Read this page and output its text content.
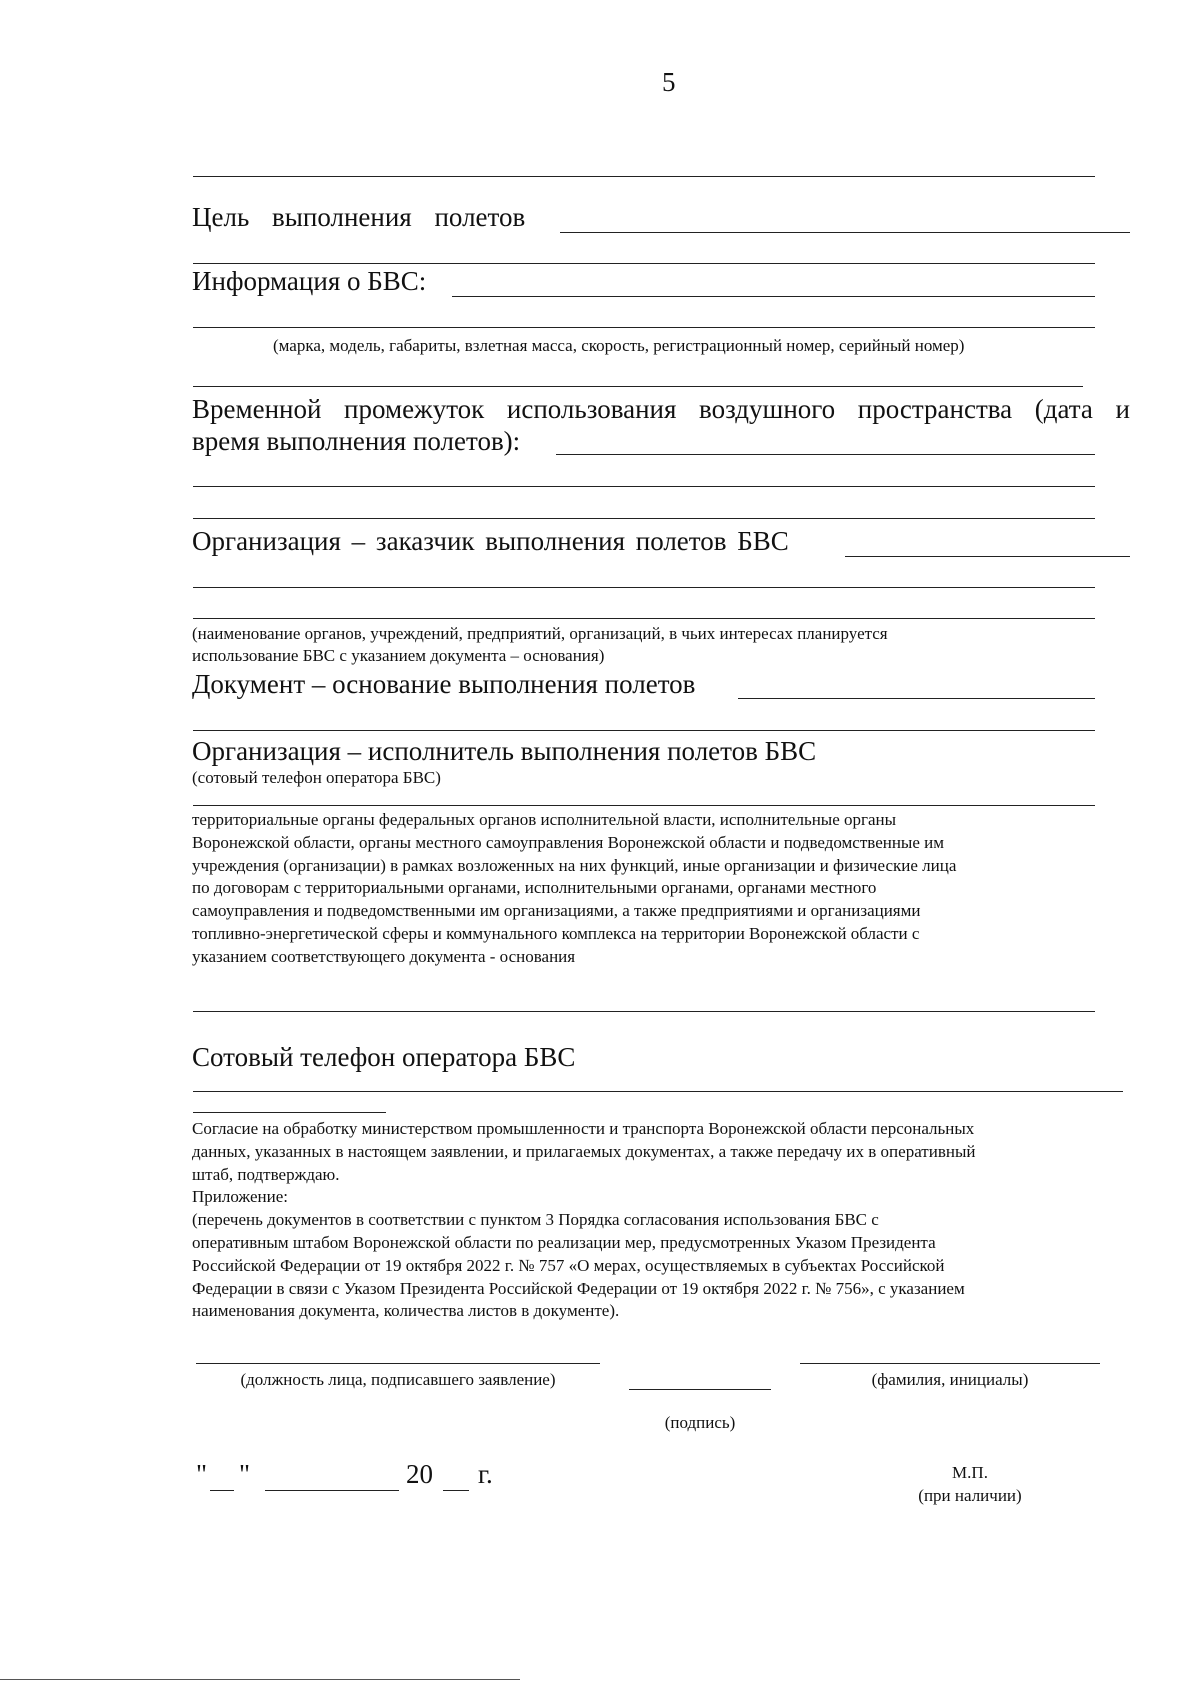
5
Цель выполнения полетов
Информация о БВС:
(марка, модель, габариты, взлетная масса, скорость, регистрационный номер, серийный номер)
Временной промежуток использования воздушного пространства (дата и
время выполнения полетов):
Организация – заказчик выполнения полетов БВС
(наименование органов, учреждений, предприятий, организаций, в чьих интересах планируется
использование БВС с указанием документа – основания)
Документ – основание выполнения полетов
Организация – исполнитель выполнения полетов БВС
(сотовый телефон оператора БВС)
территориальные органы федеральных органов исполнительной власти, исполнительные органы
Воронежской области, органы местного самоуправления Воронежской области и подведомственные им
учреждения (организации) в рамках возложенных на них функций, иные организации и физические лица
по договорам с территориальными органами, исполнительными органами, органами местного
самоуправления и подведомственными им организациями, а также предприятиями и организациями
топливно-энергетической сферы и коммунального комплекса на территории Воронежской области с
указанием соответствующего документа - основания
Сотовый телефон оператора БВС
Согласие на обработку министерством промышленности и транспорта Воронежской области персональных
данных, указанных в настоящем заявлении, и прилагаемых документах, а также передачу их в оперативный
штаб, подтверждаю.
Приложение:
(перечень документов в соответствии с пунктом 3 Порядка согласования использования БВС с
оперативным штабом Воронежской области по реализации мер, предусмотренных Указом Президента
Российской Федерации от 19 октября 2022 г. № 757 «О мерах, осуществляемых в субъектах Российской
Федерации в связи с Указом Президента Российской Федерации от 19 октября 2022 г. № 756», с указанием
наименования документа, количества листов в документе).
(должность лица, подписавшего заявление)	(фамилия, инициалы)
(подпись)
" "	20 г.	М.П.
(при наличии)
